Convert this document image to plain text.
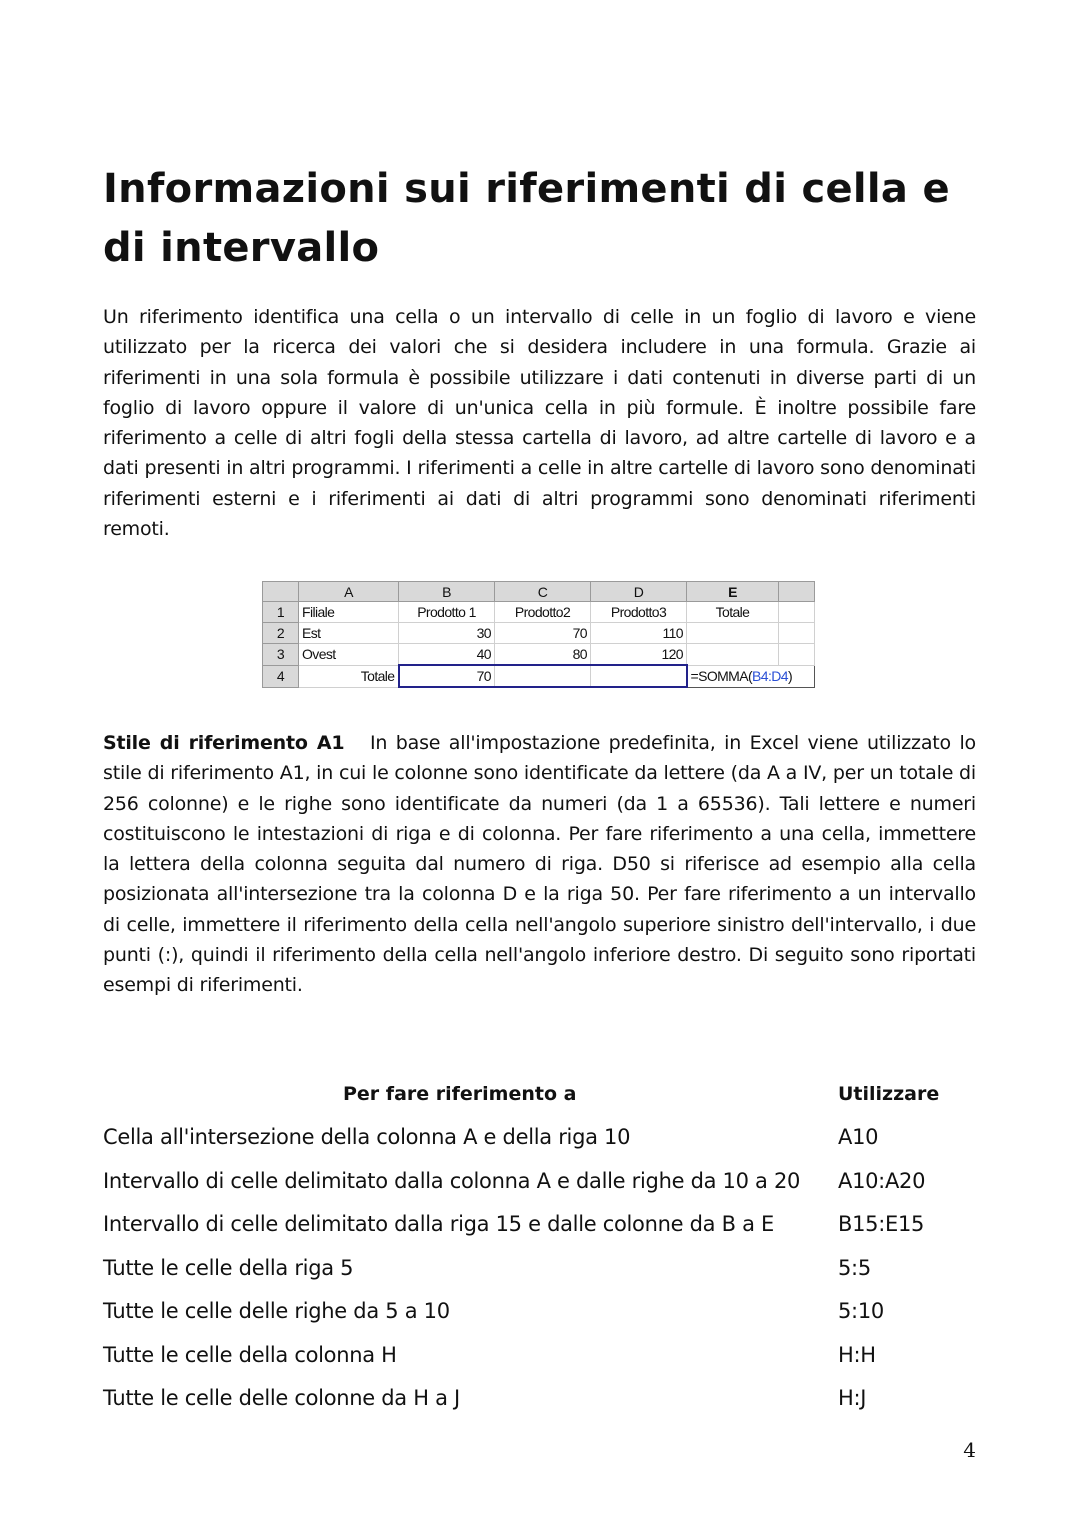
Informazioni sui riferimenti di cella e di intervallo

Un riferimento identifica una cella o un intervallo di celle in un foglio di lavoro e viene utilizzato per la ricerca dei valori che si desidera includere in una formula. Grazie ai riferimenti in una sola formula è possibile utilizzare i dati contenuti in diverse parti di un foglio di lavoro oppure il valore di un'unica cella in più formule. È inoltre possibile fare riferimento a celle di altri fogli della stessa cartella di lavoro, ad altre cartelle di lavoro e a dati presenti in altri programmi. I riferimenti a celle in altre cartelle di lavoro sono denominati riferimenti esterni e i riferimenti ai dati di altri programmi sono denominati riferimenti remoti.

	A	B	C	D	E	
1	Filiale	Prodotto 1	Prodotto2	Prodotto3	Totale	
2	Est	30	70	110		
3	Ovest	40	80	120		
4	Totale	70			=SOMMA(B4:D4)	

Stile di riferimento A1 In base all'impostazione predefinita, in Excel viene utilizzato lo stile di riferimento A1, in cui le colonne sono identificate da lettere (da A a IV, per un totale di 256 colonne) e le righe sono identificate da numeri (da 1 a 65536). Tali lettere e numeri costituiscono le intestazioni di riga e di colonna. Per fare riferimento a una cella, immettere la lettera della colonna seguita dal numero di riga. D50 si riferisce ad esempio alla cella posizionata all'intersezione tra la colonna D e la riga 50. Per fare riferimento a un intervallo di celle, immettere il riferimento della cella nell'angolo superiore sinistro dell'intervallo, i due punti (:), quindi il riferimento della cella nell'angolo inferiore destro. Di seguito sono riportati esempi di riferimenti.

Per fare riferimento a	Utilizzare
Cella all'intersezione della colonna A e della riga 10	A10
Intervallo di celle delimitato dalla colonna A e dalle righe da 10 a 20 A10:A20
Intervallo di celle delimitato dalla riga 15 e dalle colonne da B a E	B15:E15
Tutte le celle della riga 5	5:5
Tutte le celle delle righe da 5 a 10	5:10
Tutte le celle della colonna H	H:H
Tutte le celle delle colonne da H a J	H:J
4
